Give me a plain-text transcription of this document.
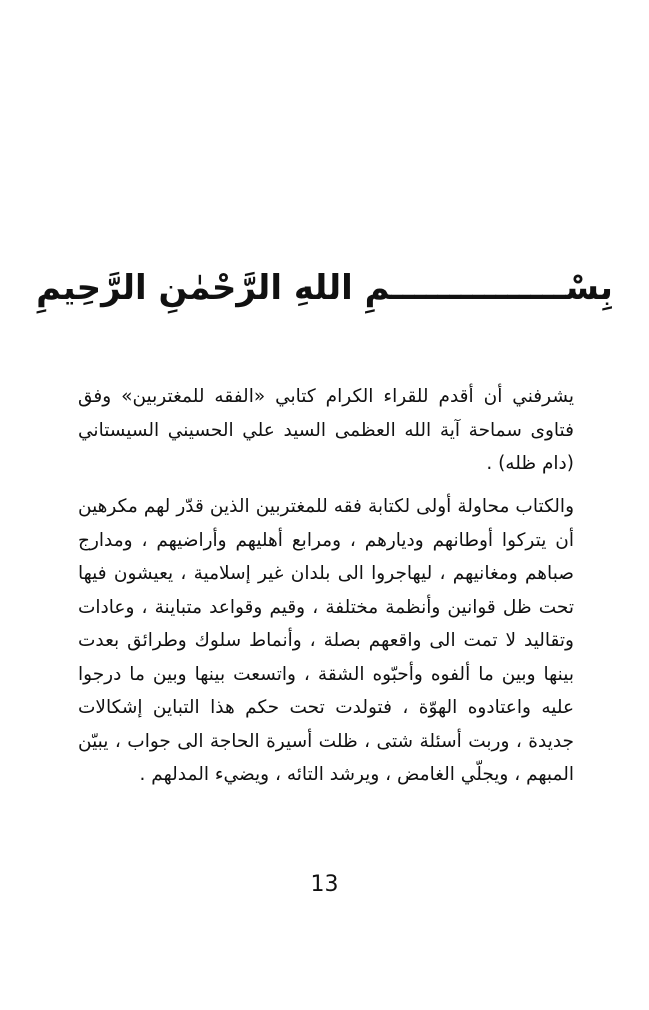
بِسْـــــــــــــــمِ اللهِ الرَّحْمٰنِ الرَّحِيمِ

يشرفني أن أقدم للقراء الكرام كتابي «الفقه للمغتربين» وفق فتاوى سماحة آية الله العظمى السيد علي الحسيني السيستاني (دام ظله) .

والكتاب محاولة أولى لكتابة فقه للمغتربين الذين قدّر لهم مكرهين أن يتركوا أوطانهم وديارهم ، ومرابع أهليهم وأراضيهم ، ومدارج صباهم ومغانيهم ، ليهاجروا الى بلدان غير إسلامية ، يعيشون فيها تحت ظل قوانين وأنظمة مختلفة ، وقيم وقواعد متباينة ، وعادات وتقاليد لا تمت الى واقعهم بصلة ، وأنماط سلوك وطرائق بعدت بينها وبين ما ألفوه وأحبّوه الشقة ، واتسعت بينها وبين ما درجوا عليه واعتادوه الهوّة ، فتولدت تحت حكم هذا التباين إشكالات جديدة ، وربت أسئلة شتى ، ظلت أسيرة الحاجة الى جواب ، يبيّن المبهم ، ويجلّي الغامض ، ويرشد التائه ، ويضيء المدلهم .

13
